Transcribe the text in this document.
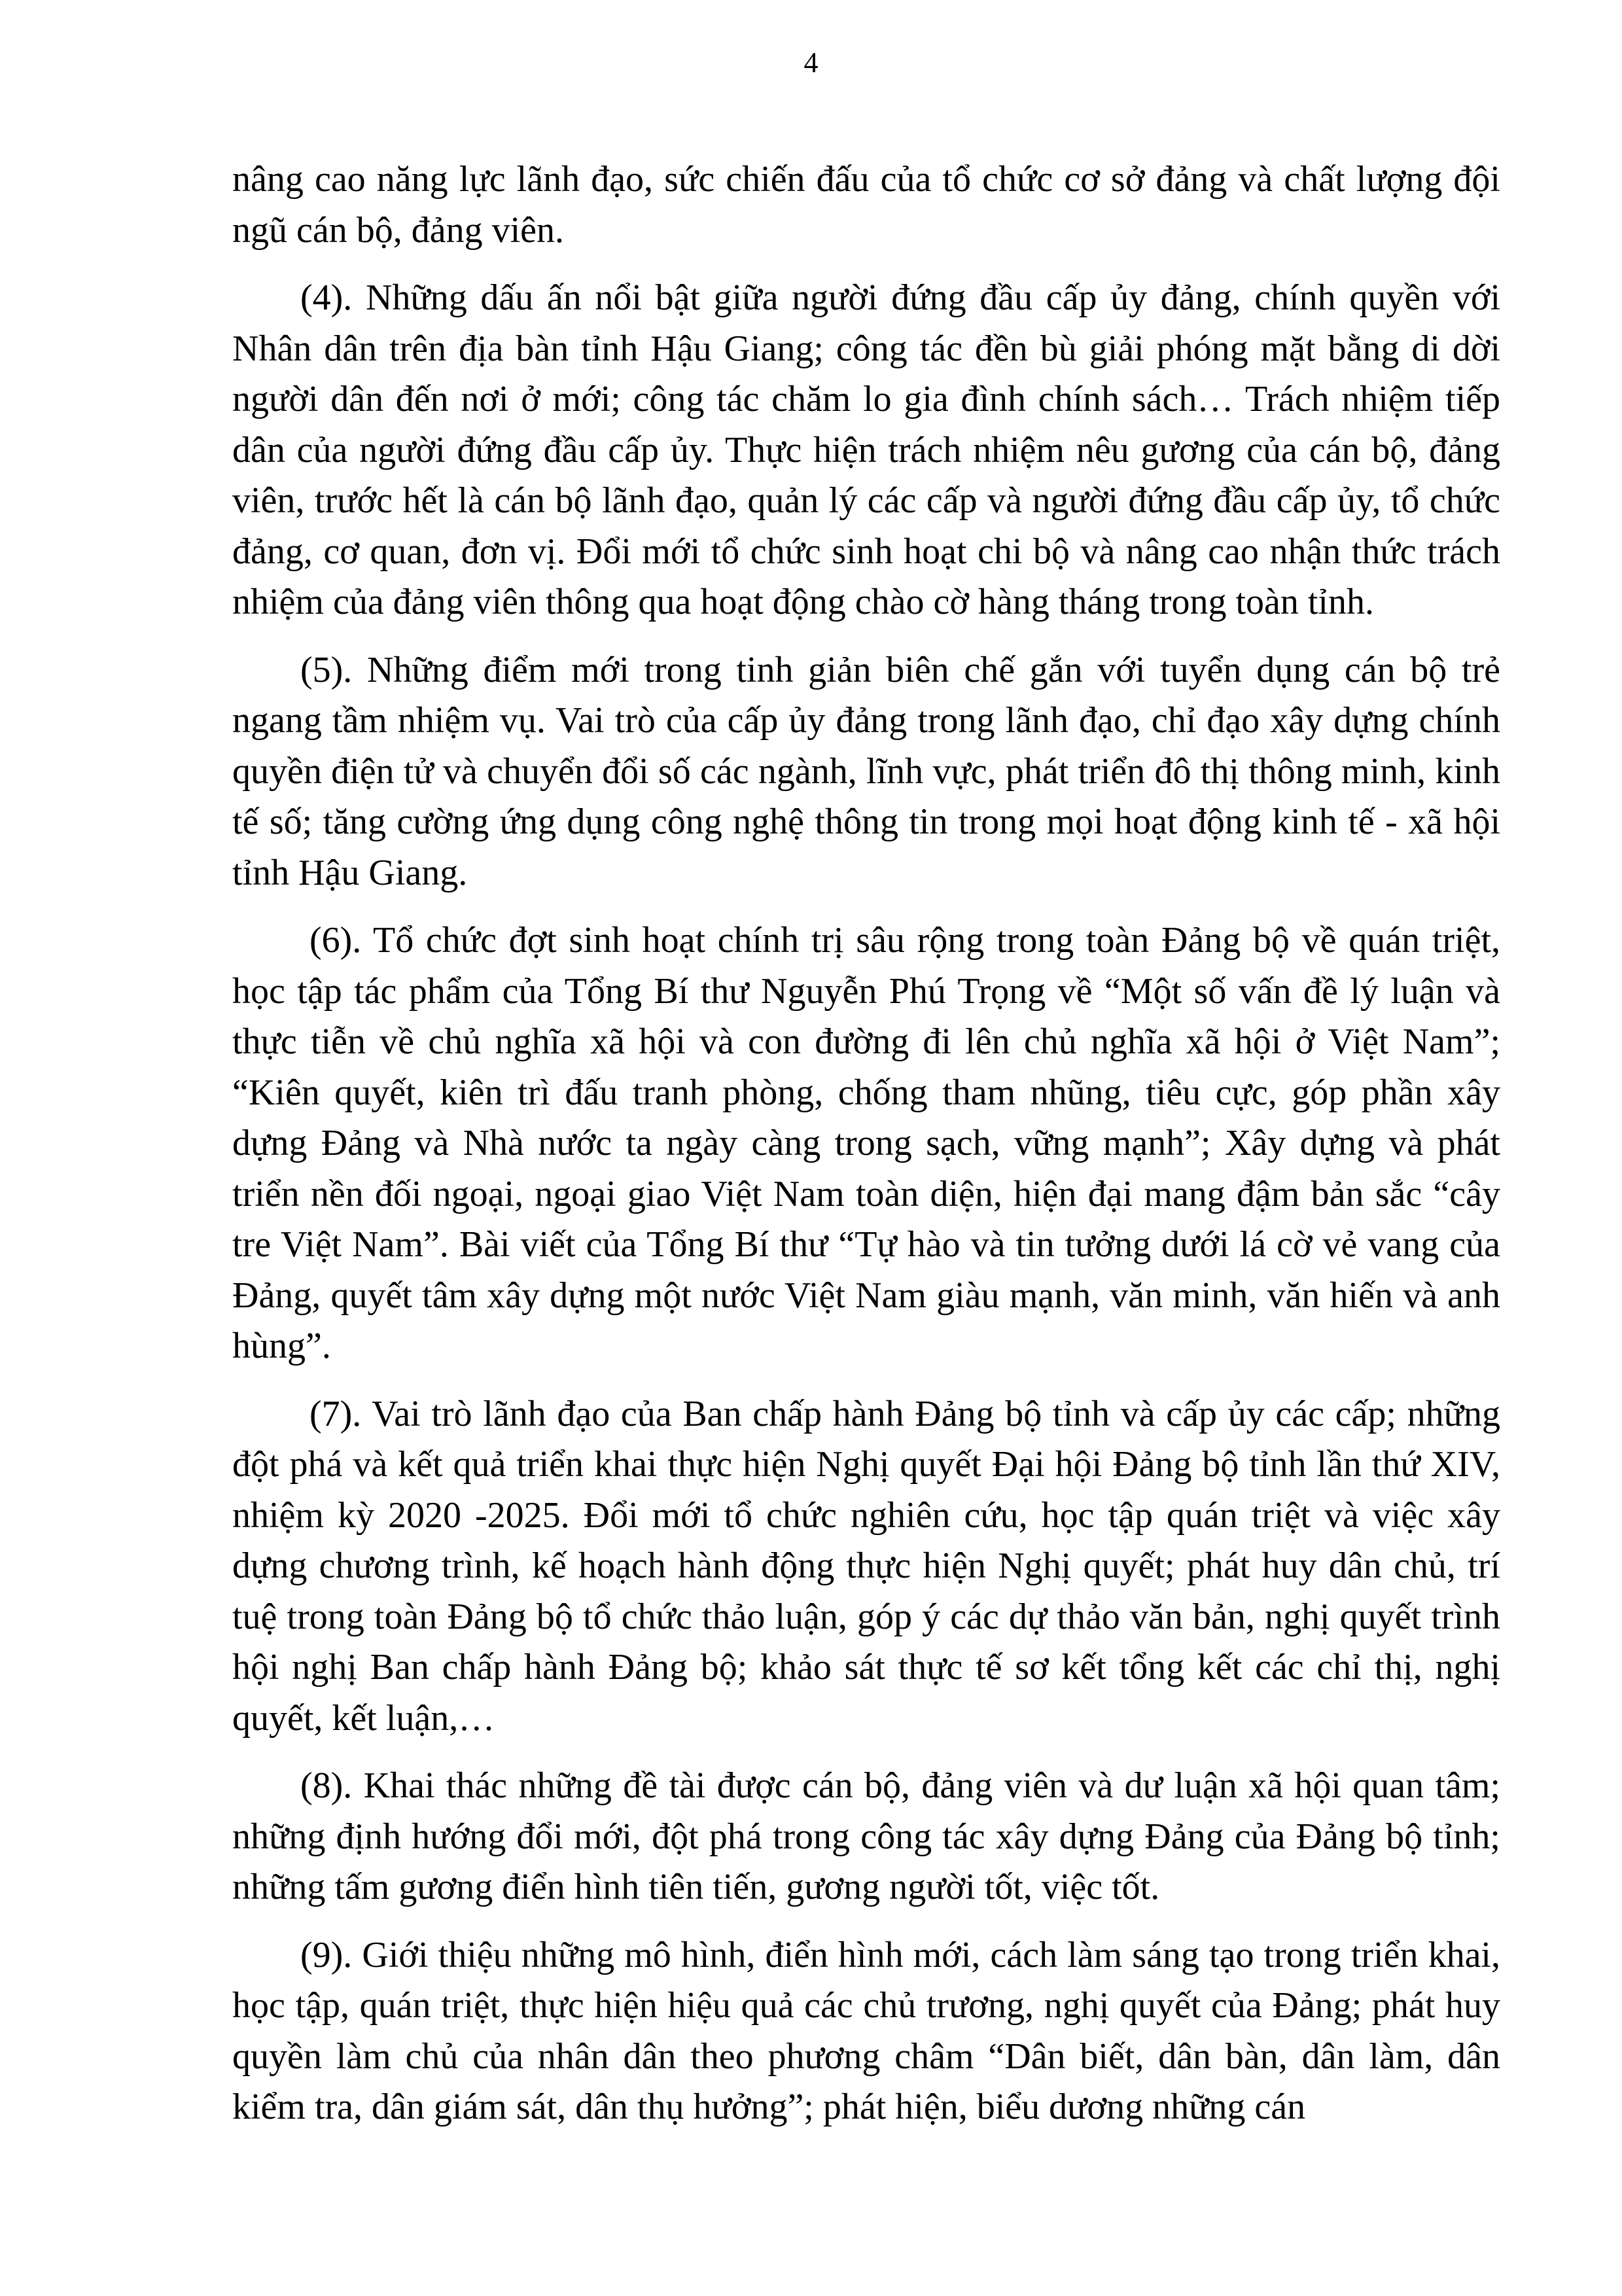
4

nâng cao năng lực lãnh đạo, sức chiến đấu của tổ chức cơ sở đảng và chất lượng đội ngũ cán bộ, đảng viên.

(4). Những dấu ấn nổi bật giữa người đứng đầu cấp ủy đảng, chính quyền với Nhân dân trên địa bàn tỉnh Hậu Giang; công tác đền bù giải phóng mặt bằng di dời người dân đến nơi ở mới; công tác chăm lo gia đình chính sách… Trách nhiệm tiếp dân của người đứng đầu cấp ủy. Thực hiện trách nhiệm nêu gương của cán bộ, đảng viên, trước hết là cán bộ lãnh đạo, quản lý các cấp và người đứng đầu cấp ủy, tổ chức đảng, cơ quan, đơn vị. Đổi mới tổ chức sinh hoạt chi bộ và nâng cao nhận thức trách nhiệm của đảng viên thông qua hoạt động chào cờ hàng tháng trong toàn tỉnh.

(5). Những điểm mới trong tinh giản biên chế gắn với tuyển dụng cán bộ trẻ ngang tầm nhiệm vụ. Vai trò của cấp ủy đảng trong lãnh đạo, chỉ đạo xây dựng chính quyền điện tử và chuyển đổi số các ngành, lĩnh vực, phát triển đô thị thông minh, kinh tế số; tăng cường ứng dụng công nghệ thông tin trong mọi hoạt động kinh tế - xã hội tỉnh Hậu Giang.

(6). Tổ chức đợt sinh hoạt chính trị sâu rộng trong toàn Đảng bộ về quán triệt, học tập tác phẩm của Tổng Bí thư Nguyễn Phú Trọng về “Một số vấn đề lý luận và thực tiễn về chủ nghĩa xã hội và con đường đi lên chủ nghĩa xã hội ở Việt Nam”; “Kiên quyết, kiên trì đấu tranh phòng, chống tham nhũng, tiêu cực, góp phần xây dựng Đảng và Nhà nước ta ngày càng trong sạch, vững mạnh”; Xây dựng và phát triển nền đối ngoại, ngoại giao Việt Nam toàn diện, hiện đại mang đậm bản sắc “cây tre Việt Nam”. Bài viết của Tổng Bí thư “Tự hào và tin tưởng dưới lá cờ vẻ vang của Đảng, quyết tâm xây dựng một nước Việt Nam giàu mạnh, văn minh, văn hiến và anh hùng”.

(7). Vai trò lãnh đạo của Ban chấp hành Đảng bộ tỉnh và cấp ủy các cấp; những đột phá và kết quả triển khai thực hiện Nghị quyết Đại hội Đảng bộ tỉnh lần thứ XIV, nhiệm kỳ 2020 -2025. Đổi mới tổ chức nghiên cứu, học tập quán triệt và việc xây dựng chương trình, kế hoạch hành động thực hiện Nghị quyết; phát huy dân chủ, trí tuệ trong toàn Đảng bộ tổ chức thảo luận, góp ý các dự thảo văn bản, nghị quyết trình hội nghị Ban chấp hành Đảng bộ; khảo sát thực tế sơ kết tổng kết các chỉ thị, nghị quyết, kết luận,…

(8). Khai thác những đề tài được cán bộ, đảng viên và dư luận xã hội quan tâm; những định hướng đổi mới, đột phá trong công tác xây dựng Đảng của Đảng bộ tỉnh; những tấm gương điển hình tiên tiến, gương người tốt, việc tốt.

(9). Giới thiệu những mô hình, điển hình mới, cách làm sáng tạo trong triển khai, học tập, quán triệt, thực hiện hiệu quả các chủ trương, nghị quyết của Đảng; phát huy quyền làm chủ của nhân dân theo phương châm “Dân biết, dân bàn, dân làm, dân kiểm tra, dân giám sát, dân thụ hưởng”; phát hiện, biểu dương những cán
